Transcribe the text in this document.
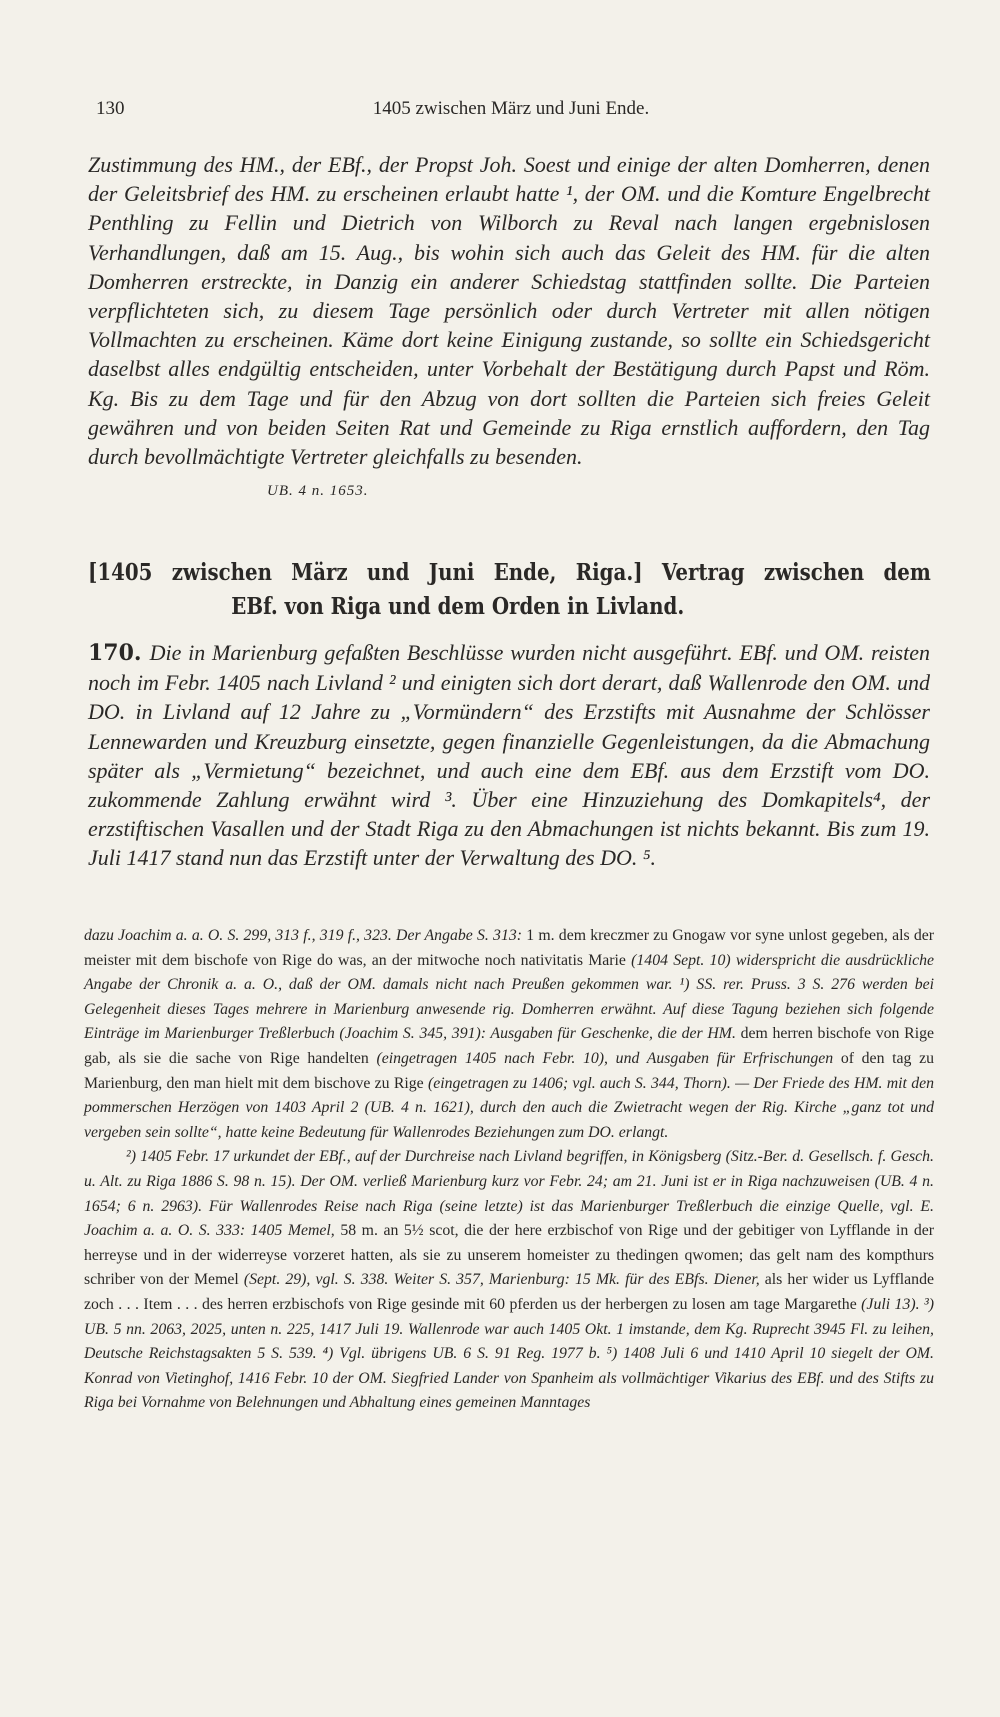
130	1405 zwischen März und Juni Ende.
Zustimmung des HM., der EBf., der Propst Joh. Soest und einige der alten Domherren, denen der Geleitsbrief des HM. zu erscheinen erlaubt hatte ¹, der OM. und die Komture Engelbrecht Penthling zu Fellin und Dietrich von Wilborch zu Reval nach langen ergebnislosen Verhandlungen, daß am 15. Aug., bis wohin sich auch das Geleit des HM. für die alten Domherren erstreckte, in Danzig ein anderer Schiedstag stattfinden sollte. Die Parteien verpflichteten sich, zu diesem Tage persönlich oder durch Vertreter mit allen nötigen Vollmachten zu erscheinen. Käme dort keine Einigung zustande, so sollte ein Schiedsgericht daselbst alles endgültig entscheiden, unter Vorbehalt der Bestätigung durch Papst und Röm. Kg. Bis zu dem Tage und für den Abzug von dort sollten die Parteien sich freies Geleit gewähren und von beiden Seiten Rat und Gemeinde zu Riga ernstlich auffordern, den Tag durch bevollmächtigte Vertreter gleichfalls zu besenden.
UB. 4 n. 1653.
[1405 zwischen März und Juni Ende, Riga.] Vertrag zwischen dem
EBf. von Riga und dem Orden in Livland.
170. Die in Marienburg gefaßten Beschlüsse wurden nicht ausgeführt. EBf. und OM. reisten noch im Febr. 1405 nach Livland ² und einigten sich dort derart, daß Wallenrode den OM. und DO. in Livland auf 12 Jahre zu „Vormündern“ des Erzstifts mit Ausnahme der Schlösser Lennewarden und Kreuzburg einsetzte, gegen finanzielle Gegenleistungen, da die Abmachung später als „Vermietung“ bezeichnet, und auch eine dem EBf. aus dem Erzstift vom DO. zukommende Zahlung erwähnt wird ³. Über eine Hinzuziehung des Domkapitels⁴, der erzstiftischen Vasallen und der Stadt Riga zu den Abmachungen ist nichts bekannt. Bis zum 19. Juli 1417 stand nun das Erzstift unter der Verwaltung des DO. ⁵.

dazu Joachim a. a. O. S. 299, 313 f., 319 f., 323. Der Angabe S. 313: 1 m. dem kreczmer zu Gnogaw vor syne unlost gegeben, als der meister mit dem bischofe von Rige do was, an der mitwoche noch nativitatis Marie (1404 Sept. 10) widerspricht die ausdrückliche Angabe der Chronik a. a. O., daß der OM. damals nicht nach Preußen gekommen war. ¹) SS. rer. Pruss. 3 S. 276 werden bei Gelegenheit dieses Tages mehrere in Marienburg anwesende rig. Domherren erwähnt. Auf diese Tagung beziehen sich folgende Einträge im Marienburger Treßlerbuch (Joachim S. 345, 391): Ausgaben für Geschenke, die der HM. dem herren bischofe von Rige gab, als sie die sache von Rige handelten (eingetragen 1405 nach Febr. 10), und Ausgaben für Erfrischungen of den tag zu Marienburg, den man hielt mit dem bischove zu Rige (eingetragen zu 1406; vgl. auch S. 344, Thorn). — Der Friede des HM. mit den pommerschen Herzögen von 1403 April 2 (UB. 4 n. 1621), durch den auch die Zwietracht wegen der Rig. Kirche „ganz tot und vergeben sein sollte“, hatte keine Bedeutung für Wallenrodes Beziehungen zum DO. erlangt.

²) 1405 Febr. 17 urkundet der EBf., auf der Durchreise nach Livland begriffen, in Königsberg (Sitz.-Ber. d. Gesellsch. f. Gesch. u. Alt. zu Riga 1886 S. 98 n. 15). Der OM. verließ Marienburg kurz vor Febr. 24; am 21. Juni ist er in Riga nachzuweisen (UB. 4 n. 1654; 6 n. 2963). Für Wallenrodes Reise nach Riga (seine letzte) ist das Marienburger Treßlerbuch die einzige Quelle, vgl. E. Joachim a. a. O. S. 333: 1405 Memel, 58 m. an 5½ scot, die der here erzbischof von Rige und der gebitiger von Lyfflande in der herreyse und in der widerreyse vorzeret hatten, als sie zu unserem homeister zu thedingen qwomen; das gelt nam des kompthurs schriber von der Memel (Sept. 29), vgl. S. 338. Weiter S. 357, Marienburg: 15 Mk. für des EBfs. Diener, als her wider us Lyfflande zoch . . . Item . . . des herren erzbischofs von Rige gesinde mit 60 pferden us der herbergen zu losen am tage Margarethe (Juli 13). ³) UB. 5 nn. 2063, 2025, unten n. 225, 1417 Juli 19. Wallenrode war auch 1405 Okt. 1 imstande, dem Kg. Ruprecht 3945 Fl. zu leihen, Deutsche Reichstagsakten 5 S. 539. ⁴) Vgl. übrigens UB. 6 S. 91 Reg. 1977 b. ⁵) 1408 Juli 6 und 1410 April 10 siegelt der OM. Konrad von Vietinghof, 1416 Febr. 10 der OM. Siegfried Lander von Spanheim als vollmächtiger Vikarius des EBf. und des Stifts zu Riga bei Vornahme von Belehnungen und Abhaltung eines gemeinen Manntages
